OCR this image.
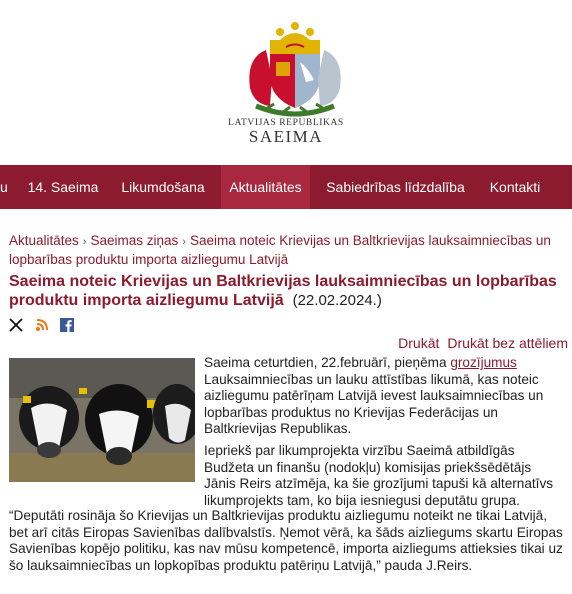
LATVIJAS REPUBLIKAS
SAEIMA
u	14. Saeima	Likumdošana	Aktualitātes	Sabiedrības līdzdalība	Kontakti
Aktualitātes › Saeimas ziņas › Saeima noteic Krievijas un Baltkrievijas lauksaimniecības un lopbarības produktu importa aizliegumu Latvijā
Saeima noteic Krievijas un Baltkrievijas lauksaimniecības un lopbarības produktu importa aizliegumu Latvijā (22.02.2024.)
Drukāt Drukāt bez attēliem
Saeima ceturtdien, 22.februārī, pieņēma grozījumus Lauksaimniecības un lauku attīstības likumā, kas noteic aizliegumu patērīņam Latvijā ievest lauksaimniecības un lopbarības produktus no Krievijas Federācijas un Baltkrievijas Republikas.
Iepriekš par likumprojekta virzību Saeimā atbildīgās Budžeta un finanšu (nodokļu) komisijas priekšsēdētājs Jānis Reirs atzīmēja, ka šie grozījumi tapuši kā alternatīvs likumprojekts tam, ko bija iesniegusi deputātu grupa.
“Deputāti rosināja šo Krievijas un Baltkrievijas produktu aizliegumu noteikt ne tikai Latvijā, bet arī citās Eiropas Savienības dalībvalstīs. Ņemot vērā, ka šāds aizliegums skartu Eiropas Savienības kopējo politiku, kas nav mūsu kompetencē, importa aizliegums attieksies tikai uz šo lauksaimniecības un lopkopības produktu patēriņu Latvijā,” pauda J.Reirs.
